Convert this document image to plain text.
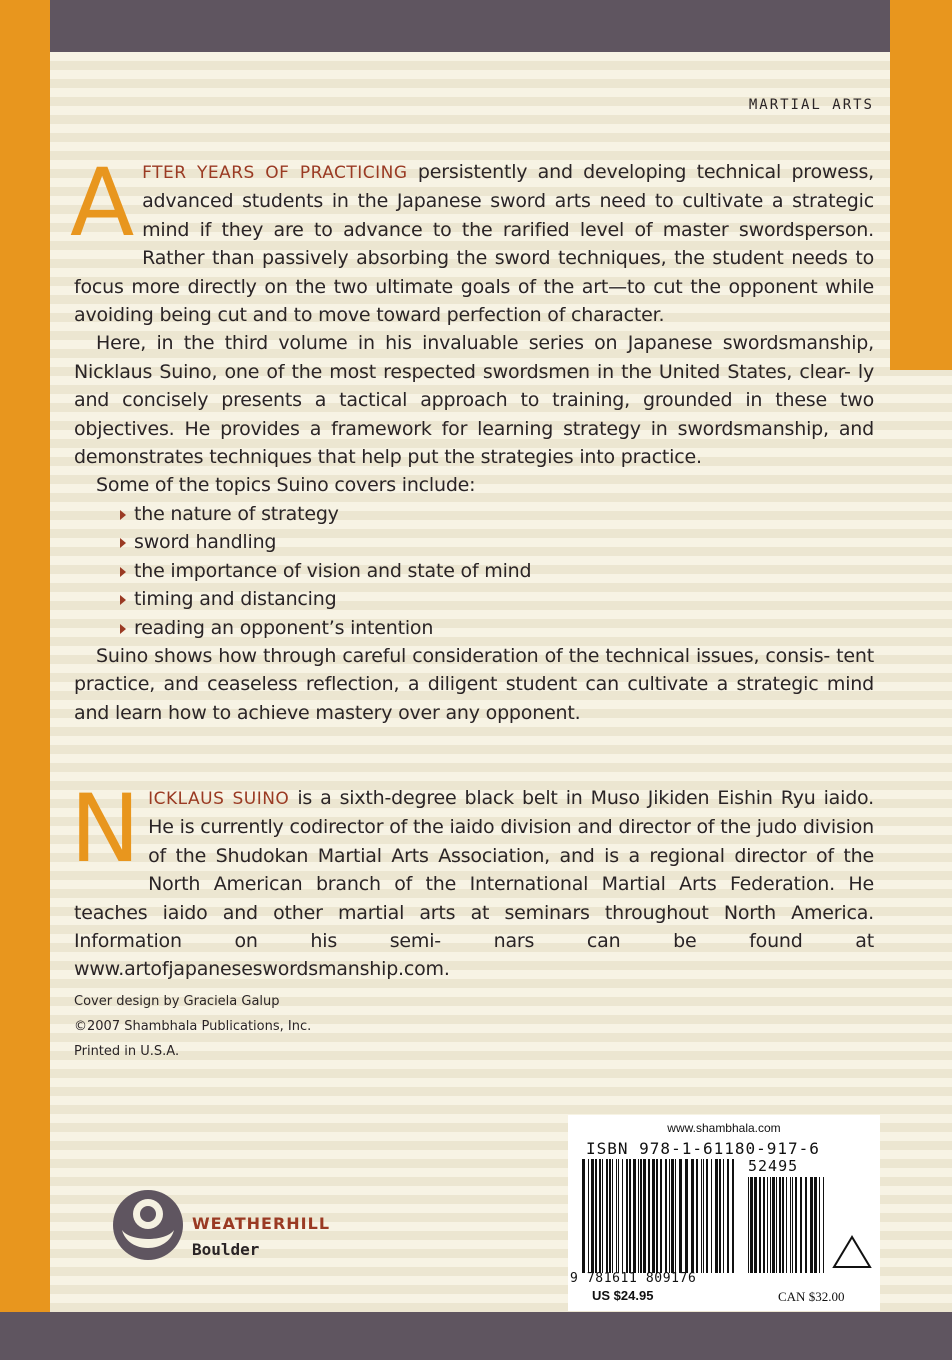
MARTIAL ARTS

AFTER YEARS OF PRACTICING persistently and developing technical prowess, advanced students in the Japanese sword arts need to cultivate a strategic mind if they are to advance to the rarified level of master swordsperson. Rather than passively absorbing the sword techniques, the student needs to focus more directly on the two ultimate goals of the art—to cut the opponent while avoiding being cut and to move toward perfection of character.

Here, in the third volume in his invaluable series on Japanese swordsmanship, Nicklaus Suino, one of the most respected swordsmen in the United States, clear- ly and concisely presents a tactical approach to training, grounded in these two objectives. He provides a framework for learning strategy in swordsmanship, and demonstrates techniques that help put the strategies into practice.

Some of the topics Suino covers include:

the nature of strategy
sword handling
the importance of vision and state of mind
timing and distancing
reading an opponent’s intention

Suino shows how through careful consideration of the technical issues, consis- tent practice, and ceaseless reflection, a diligent student can cultivate a strategic mind and learn how to achieve mastery over any opponent.

NICKLAUS SUINO is a sixth-degree black belt in Muso Jikiden Eishin Ryu iaido. He is currently codirector of the iaido division and director of the judo division of the Shudokan Martial Arts Association, and is a regional director of the North American branch of the International Martial Arts Federation. He teaches iaido and other martial arts at seminars throughout North America. Information on his semi- nars can be found at www.artofjapaneseswordsmanship.com.

Cover design by Graciela Galup
©2007 Shambhala Publications, Inc.
Printed in U.S.A.
WEATHERHILL
Boulder
www.shambhala.com
ISBN 978-1-61180-917-6
52495
9 781611 809176
US $24.95	CAN $32.00
